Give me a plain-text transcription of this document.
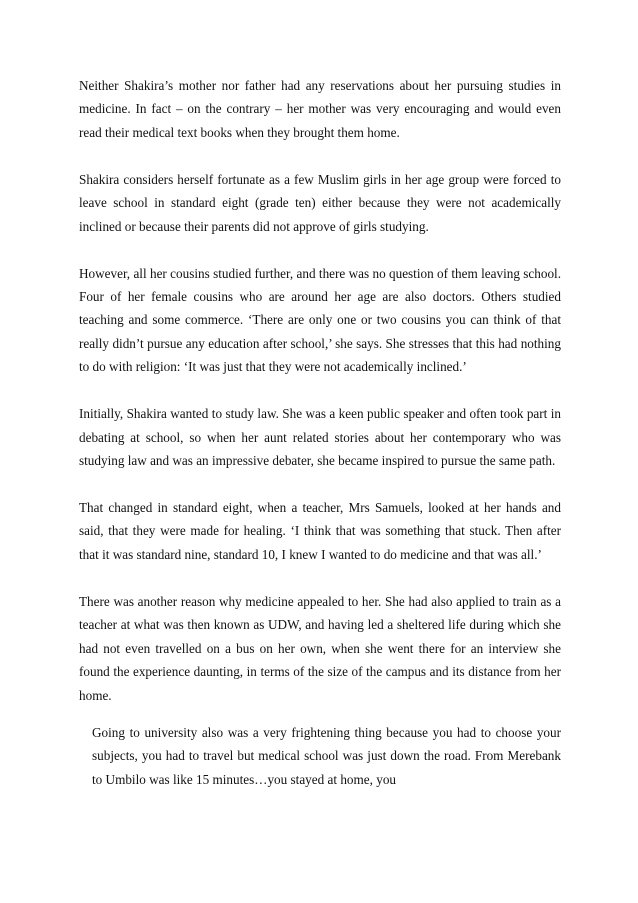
Neither Shakira’s mother nor father had any reservations about her pursuing studies in medicine. In fact – on the contrary – her mother was very encouraging and would even read their medical text books when they brought them home.

Shakira considers herself fortunate as a few Muslim girls in her age group were forced to leave school in standard eight (grade ten) either because they were not academically inclined or because their parents did not approve of girls studying.

However, all her cousins studied further, and there was no question of them leaving school. Four of her female cousins who are around her age are also doctors. Others studied teaching and some commerce. ‘There are only one or two cousins you can think of that really didn’t pursue any education after school,’ she says. She stresses that this had nothing to do with religion: ‘It was just that they were not academically inclined.’

Initially, Shakira wanted to study law. She was a keen public speaker and often took part in debating at school, so when her aunt related stories about her contemporary who was studying law and was an impressive debater, she became inspired to pursue the same path.

That changed in standard eight, when a teacher, Mrs Samuels, looked at her hands and said, that they were made for healing. ‘I think that was something that stuck. Then after that it was standard nine, standard 10, I knew I wanted to do medicine and that was all.’

There was another reason why medicine appealed to her. She had also applied to train as a teacher at what was then known as UDW, and having led a sheltered life during which she had not even travelled on a bus on her own, when she went there for an interview she found the experience daunting, in terms of the size of the campus and its distance from her home.

Going to university also was a very frightening thing because you had to choose your subjects, you had to travel but medical school was just down the road. From Merebank to Umbilo was like 15 minutes…you stayed at home, you
